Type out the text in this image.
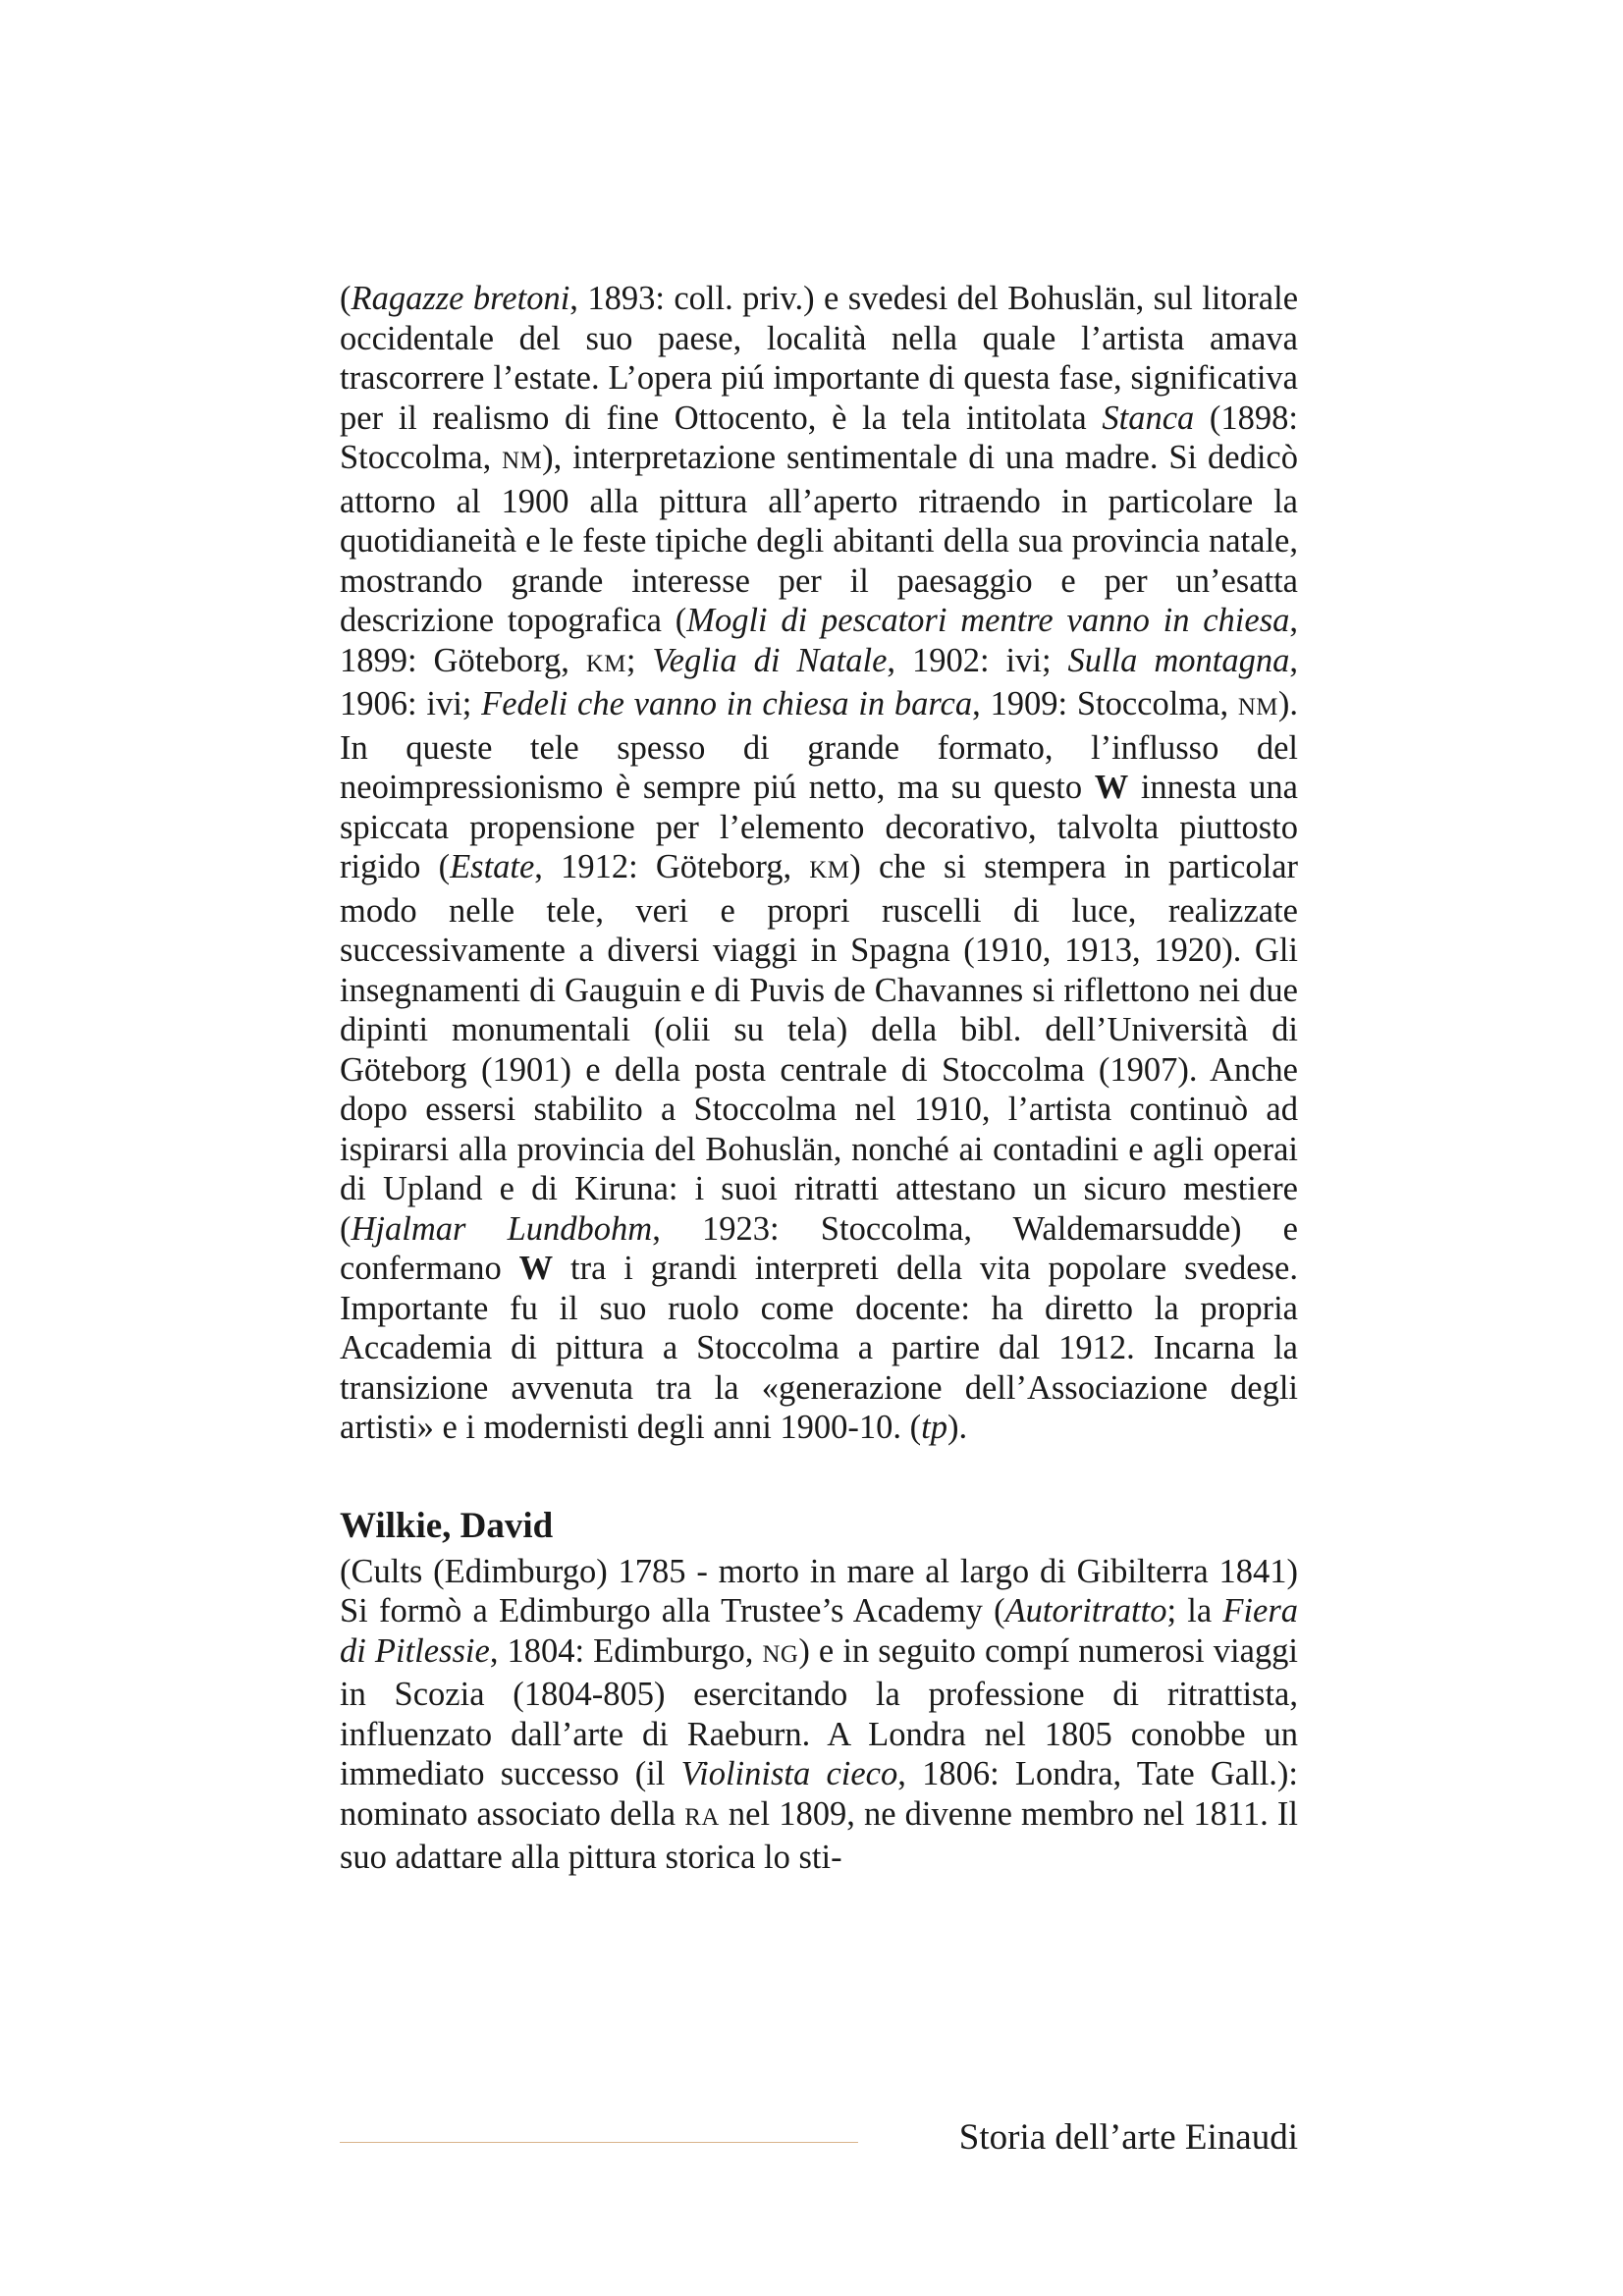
(Ragazze bretoni, 1893: coll. priv.) e svedesi del Bohuslän, sul litorale occidentale del suo paese, località nella quale l’artista amava trascorrere l’estate. L’opera piú importante di questa fase, significativa per il realismo di fine Ottocento, è la tela intitolata Stanca (1898: Stoccolma, NM), interpretazione sentimentale di una madre. Si dedicò attorno al 1900 alla pittura all’aperto ritraendo in particolare la quotidianeità e le feste tipiche degli abitanti della sua provincia natale, mostrando grande interesse per il paesaggio e per un’esatta descrizione topografica (Mogli di pescatori mentre vanno in chiesa, 1899: Göteborg, KM; Veglia di Natale, 1902: ivi; Sulla montagna, 1906: ivi; Fedeli che vanno in chiesa in barca, 1909: Stoccolma, NM). In queste tele spesso di grande formato, l’influsso del neoimpressionismo è sempre piú netto, ma su questo W innesta una spiccata propensione per l’elemento decorativo, talvolta piuttosto rigido (Estate, 1912: Göteborg, KM) che si stempera in particolar modo nelle tele, veri e propri ruscelli di luce, realizzate successivamente a diversi viaggi in Spagna (1910, 1913, 1920). Gli insegnamenti di Gauguin e di Puvis de Chavannes si riflettono nei due dipinti monumentali (olii su tela) della bibl. dell’Università di Göteborg (1901) e della posta centrale di Stoccolma (1907). Anche dopo essersi stabilito a Stoccolma nel 1910, l’artista continuò ad ispirarsi alla provincia del Bohuslän, nonché ai contadini e agli operai di Upland e di Kiruna: i suoi ritratti attestano un sicuro mestiere (Hjalmar Lundbohm, 1923: Stoccolma, Waldemarsudde) e confermano W tra i grandi interpreti della vita popolare svedese. Importante fu il suo ruolo come docente: ha diretto la propria Accademia di pittura a Stoccolma a partire dal 1912. Incarna la transizione avvenuta tra la «generazione dell’Associazione degli artisti» e i modernisti degli anni 1900-10. (tp).

Wilkie, David

(Cults (Edimburgo) 1785 - morto in mare al largo di Gibilterra 1841) Si formò a Edimburgo alla Trustee’s Academy (Autoritratto; la Fiera di Pitlessie, 1804: Edimburgo, NG) e in seguito compí numerosi viaggi in Scozia (1804-805) esercitando la professione di ritrattista, influenzato dall’arte di Raeburn. A Londra nel 1805 conobbe un immediato successo (il Violinista cieco, 1806: Londra, Tate Gall.): nominato associato della RA nel 1809, ne divenne membro nel 1811. Il suo adattare alla pittura storica lo sti-

Storia dell’arte Einaudi
